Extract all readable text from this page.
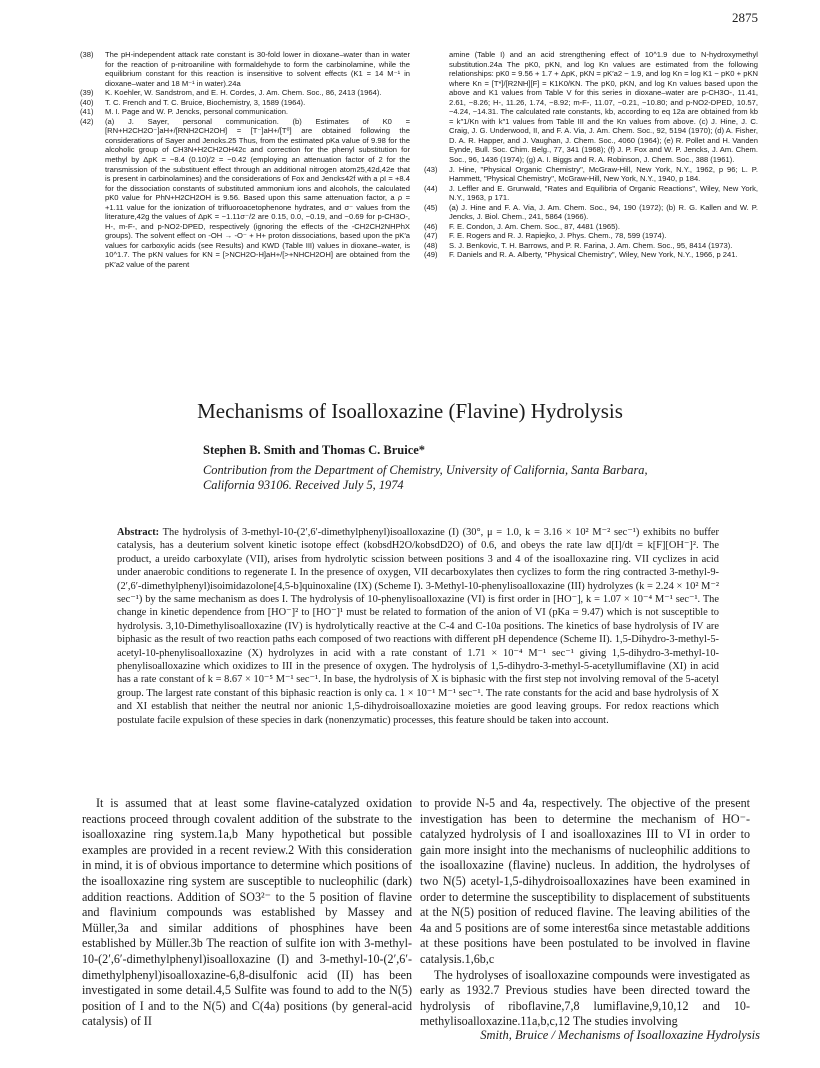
2875
(38)	The pH-independent attack rate constant is 30-fold lower in dioxane–water than in water for the reaction of p-nitroaniline with formaldehyde to form the carbinolamine, while the equilibrium constant for this reaction is insensitive to solvent effects (K1 = 14 M⁻¹ in dioxane–water and 18 M⁻¹ in water).24a
(39)	K. Koehler, W. Sandstrom, and E. H. Cordes, J. Am. Chem. Soc., 86, 2413 (1964).
(40)	T. C. French and T. C. Bruice, Biochemistry, 3, 1589 (1964).
(41)	M. I. Page and W. P. Jencks, personal communication.
(42)	(a) J. Sayer, personal communication. (b) Estimates of K0 = [RN+H2CH2O⁻]aH+/[RNH2CH2OH] = [T⁻]aH+/[T⁰] are obtained following the considerations of Sayer and Jencks.25 Thus, from the estimated pKa value of 9.98 for the alcoholic group of CH3N+H2CH2OH42c and correction for the phenyl substitution for methyl by ΔpK = −8.4 (0.10)/2 = −0.42 (employing an attenuation factor of 2 for the transmission of the substituent effect through an additional nitrogen atom25,42d,42e that is present in carbinolamines) and the considerations of Fox and Jencks42f with a ρI = +8.4 for the dissociation constants of substituted ammonium ions and alcohols, the calculated pK0 value for PhN+H2CH2OH is 9.56. Based upon this same attenuation factor, a ρ = +1.11 value for the ionization of trifluoroacetophenone hydrates, and σ⁻ values from the literature,42g the values of ΔpK = −1.11σ⁻/2 are 0.15, 0.0, −0.19, and −0.69 for p-CH3O-, H-, m-F-, and p-NO2-DPED, respectively (ignoring the effects of the -CH2CH2NHPhX groups). The solvent effect on -OH → -O⁻ + H+ proton dissociations, based upon the pK′a values for carboxylic acids (see Results) and KWD (Table III) values in dioxane–water, is 10^1.7. The pKN values for KN = [>NCH2O-H]aH+/[>+NHCH2OH] are obtained from the pK′a2 value of the parent
amine (Table I) and an acid strengthening effect of 10^1.9 due to N-hydroxymethyl substitution.24a The pK0, pKN, and log Kn values are estimated from the following relationships: pK0 = 9.56 + 1.7 + ΔpK, pKN = pK′a2 − 1.9, and log Kn = log K1 − pK0 + pKN where Kn = [T*]/[R2NH][F] = K1K0/KN. The pK0, pKN, and log Kn values based upon the above and K1 values from Table V for this series in dioxane–water are p-CH3O-, 11.41, 2.61, −8.26; H-, 11.26, 1.74, −8.92; m-F-, 11.07, −0.21, −10.80; and p-NO2-DPED, 10.57, −4.24, −14.31. The calculated rate constants, kb, according to eq 12a are obtained from kb = k″1/Kn with k″1 values from Table III and the Kn values from above. (c) J. Hine, J. C. Craig, J. G. Underwood, II, and F. A. Via, J. Am. Chem. Soc., 92, 5194 (1970); (d) A. Fisher, D. A. R. Happer, and J. Vaughan, J. Chem. Soc., 4060 (1964); (e) R. Pollet and H. Vanden Eynde, Bull. Soc. Chim. Belg., 77, 341 (1968); (f) J. P. Fox and W. P. Jencks, J. Am. Chem. Soc., 96, 1436 (1974); (g) A. I. Biggs and R. A. Robinson, J. Chem. Soc., 388 (1961).
(43)	J. Hine, "Physical Organic Chemistry", McGraw-Hill, New York, N.Y., 1962, p 96; L. P. Hammett, "Physical Chemistry", McGraw-Hill, New York, N.Y., 1940, p 184.
(44)	J. Leffler and E. Grunwald, "Rates and Equilibria of Organic Reactions", Wiley, New York, N.Y., 1963, p 171.
(45)	(a) J. Hine and F. A. Via, J. Am. Chem. Soc., 94, 190 (1972); (b) R. G. Kallen and W. P. Jencks, J. Biol. Chem., 241, 5864 (1966).
(46)	F. E. Condon, J. Am. Chem. Soc., 87, 4481 (1965).
(47)	F. E. Rogers and R. J. Rapiejko, J. Phys. Chem., 78, 599 (1974).
(48)	S. J. Benkovic, T. H. Barrows, and P. R. Farina, J. Am. Chem. Soc., 95, 8414 (1973).
(49)	F. Daniels and R. A. Alberty, "Physical Chemistry", Wiley, New York, N.Y., 1966, p 241.
Mechanisms of Isoalloxazine (Flavine) Hydrolysis
Stephen B. Smith and Thomas C. Bruice*
Contribution from the Department of Chemistry, University of California, Santa Barbara, California 93106. Received July 5, 1974
Abstract: The hydrolysis of 3-methyl-10-(2′,6′-dimethylphenyl)isoalloxazine (I) (30°, μ = 1.0, k = 3.16 × 10² M⁻² sec⁻¹) exhibits no buffer catalysis, has a deuterium solvent kinetic isotope effect (kobsdH2O/kobsdD2O) of 0.6, and obeys the rate law d[I]/dt = k[F][OH⁻]². The product, a ureido carboxylate (VII), arises from hydrolytic scission between positions 3 and 4 of the isoalloxazine ring. VII cyclizes in acid under anaerobic conditions to regenerate I. In the presence of oxygen, VII decarboxylates then cyclizes to form the ring contracted 3-methyl-9-(2′,6′-dimethylphenyl)isoimidazolone[4,5-b]quinoxaline (IX) (Scheme I). 3-Methyl-10-phenylisoalloxazine (III) hydrolyzes (k = 2.24 × 10² M⁻² sec⁻¹) by the same mechanism as does I. The hydrolysis of 10-phenylisoalloxazine (VI) is first order in [HO⁻], k = 1.07 × 10⁻⁴ M⁻¹ sec⁻¹. The change in kinetic dependence from [HO⁻]² to [HO⁻]¹ must be related to formation of the anion of VI (pKa = 9.47) which is not susceptible to hydrolysis. 3,10-Dimethylisoalloxazine (IV) is hydrolytically reactive at the C-4 and C-10a positions. The kinetics of base hydrolysis of IV are biphasic as the result of two reaction paths each composed of two reactions with different pH dependence (Scheme II). 1,5-Dihydro-3-methyl-5-acetyl-10-phenylisoalloxazine (X) hydrolyzes in acid with a rate constant of 1.71 × 10⁻⁴ M⁻¹ sec⁻¹ giving 1,5-dihydro-3-methyl-10-phenylisoalloxazine which oxidizes to III in the presence of oxygen. The hydrolysis of 1,5-dihydro-3-methyl-5-acetyllumiflavine (XI) in acid has a rate constant of k = 8.67 × 10⁻⁵ M⁻¹ sec⁻¹. In base, the hydrolysis of X is biphasic with the first step not involving removal of the 5-acetyl group. The largest rate constant of this biphasic reaction is only ca. 1 × 10⁻¹ M⁻¹ sec⁻¹. The rate constants for the acid and base hydrolysis of X and XI establish that neither the neutral nor anionic 1,5-dihydroisoalloxazine moieties are good leaving groups. For redox reactions which postulate facile expulsion of these species in dark (nonenzymatic) processes, this feature should be taken into account.

It is assumed that at least some flavine-catalyzed oxidation reactions proceed through covalent addition of the substrate to the isoalloxazine ring system.1a,b Many hypothetical but possible examples are provided in a recent review.2 With this consideration in mind, it is of obvious importance to determine which positions of the isoalloxazine ring system are susceptible to nucleophilic (dark) addition reactions. Addition of SO3²⁻ to the 5 position of flavine and flavinium compounds was established by Massey and Müller,3a and similar additions of phosphines have been established by Müller.3b The reaction of sulfite ion with 3-methyl-10-(2′,6′-dimethylphenyl)isoalloxazine (I) and 3-methyl-10-(2′,6′-dimethylphenyl)isoalloxazine-6,8-disulfonic acid (II) has been investigated in some detail.4,5 Sulfite was found to add to the N(5) position of I and to the N(5) and C(4a) positions (by general-acid catalysis) of II

to provide N-5 and 4a, respectively. The objective of the present investigation has been to determine the mechanism of HO⁻-catalyzed hydrolysis of I and isoalloxazines III to VI in order to gain more insight into the mechanisms of nucleophilic additions to the isoalloxazine (flavine) nucleus. In addition, the hydrolyses of two N(5) acetyl-1,5-dihydroisoalloxazines have been examined in order to determine the susceptibility to displacement of substituents at the N(5) position of reduced flavine. The leaving abilities of the 4a and 5 positions are of some interest6a since metastable additions at these positions have been postulated to be involved in flavine catalysis.1,6b,c

The hydrolyses of isoalloxazine compounds were investigated as early as 1932.7 Previous studies have been directed toward the hydrolysis of riboflavine,7,8 lumiflavine,9,10,12 and 10-methylisoalloxazine.11a,b,c,12 The studies involving

Smith, Bruice / Mechanisms of Isoalloxazine Hydrolysis
